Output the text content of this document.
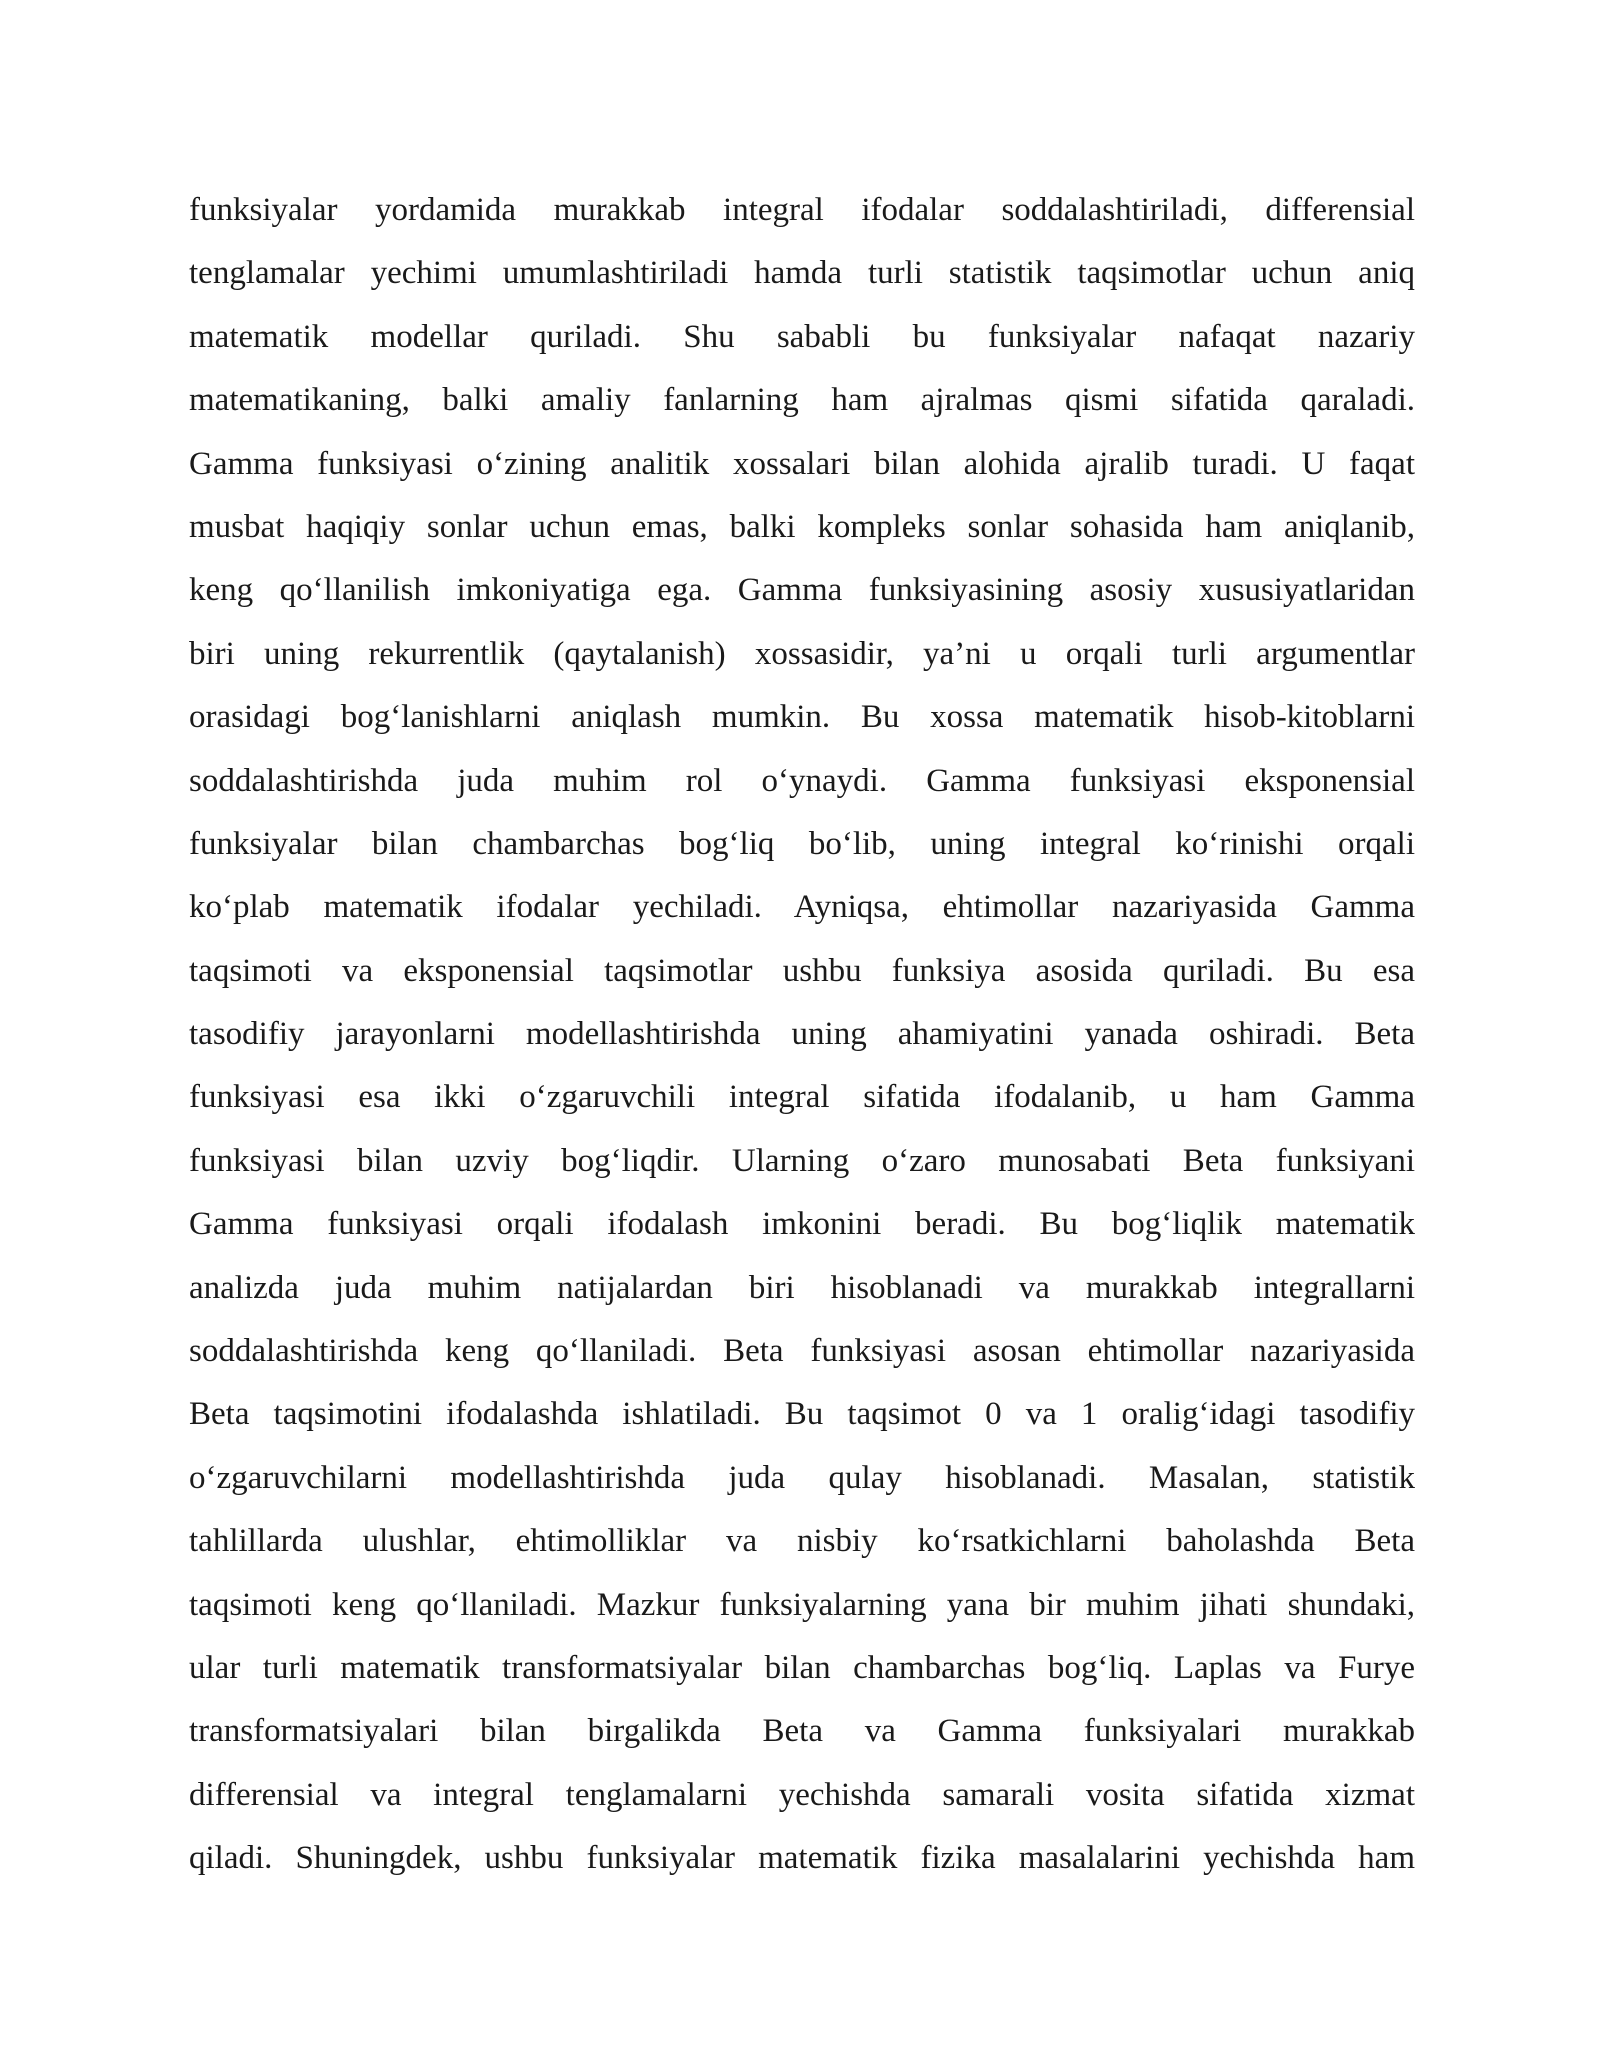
funksiyalar yordamida murakkab integral ifodalar soddalashtiriladi, differensial
tenglamalar yechimi umumlashtiriladi hamda turli statistik taqsimotlar uchun aniq
matematik modellar quriladi. Shu sababli bu funksiyalar nafaqat nazariy
matematikaning, balki amaliy fanlarning ham ajralmas qismi sifatida qaraladi.
Gamma funksiyasi o‘zining analitik xossalari bilan alohida ajralib turadi. U faqat
musbat haqiqiy sonlar uchun emas, balki kompleks sonlar sohasida ham aniqlanib,
keng qo‘llanilish imkoniyatiga ega. Gamma funksiyasining asosiy xususiyatlaridan
biri uning rekurrentlik (qaytalanish) xossasidir, ya’ni u orqali turli argumentlar
orasidagi bog‘lanishlarni aniqlash mumkin. Bu xossa matematik hisob-kitoblarni
soddalashtirishda juda muhim rol o‘ynaydi. Gamma funksiyasi eksponensial
funksiyalar bilan chambarchas bog‘liq bo‘lib, uning integral ko‘rinishi orqali
ko‘plab matematik ifodalar yechiladi. Ayniqsa, ehtimollar nazariyasida Gamma
taqsimoti va eksponensial taqsimotlar ushbu funksiya asosida quriladi. Bu esa
tasodifiy jarayonlarni modellashtirishda uning ahamiyatini yanada oshiradi. Beta
funksiyasi esa ikki o‘zgaruvchili integral sifatida ifodalanib, u ham Gamma
funksiyasi bilan uzviy bog‘liqdir. Ularning o‘zaro munosabati Beta funksiyani
Gamma funksiyasi orqali ifodalash imkonini beradi. Bu bog‘liqlik matematik
analizda juda muhim natijalardan biri hisoblanadi va murakkab integrallarni
soddalashtirishda keng qo‘llaniladi. Beta funksiyasi asosan ehtimollar nazariyasida
Beta taqsimotini ifodalashda ishlatiladi. Bu taqsimot 0 va 1 oralig‘idagi tasodifiy
o‘zgaruvchilarni modellashtirishda juda qulay hisoblanadi. Masalan, statistik
tahlillarda ulushlar, ehtimolliklar va nisbiy ko‘rsatkichlarni baholashda Beta
taqsimoti keng qo‘llaniladi. Mazkur funksiyalarning yana bir muhim jihati shundaki,
ular turli matematik transformatsiyalar bilan chambarchas bog‘liq. Laplas va Furye
transformatsiyalari bilan birgalikda Beta va Gamma funksiyalari murakkab
differensial va integral tenglamalarni yechishda samarali vosita sifatida xizmat
qiladi. Shuningdek, ushbu funksiyalar matematik fizika masalalarini yechishda ham
